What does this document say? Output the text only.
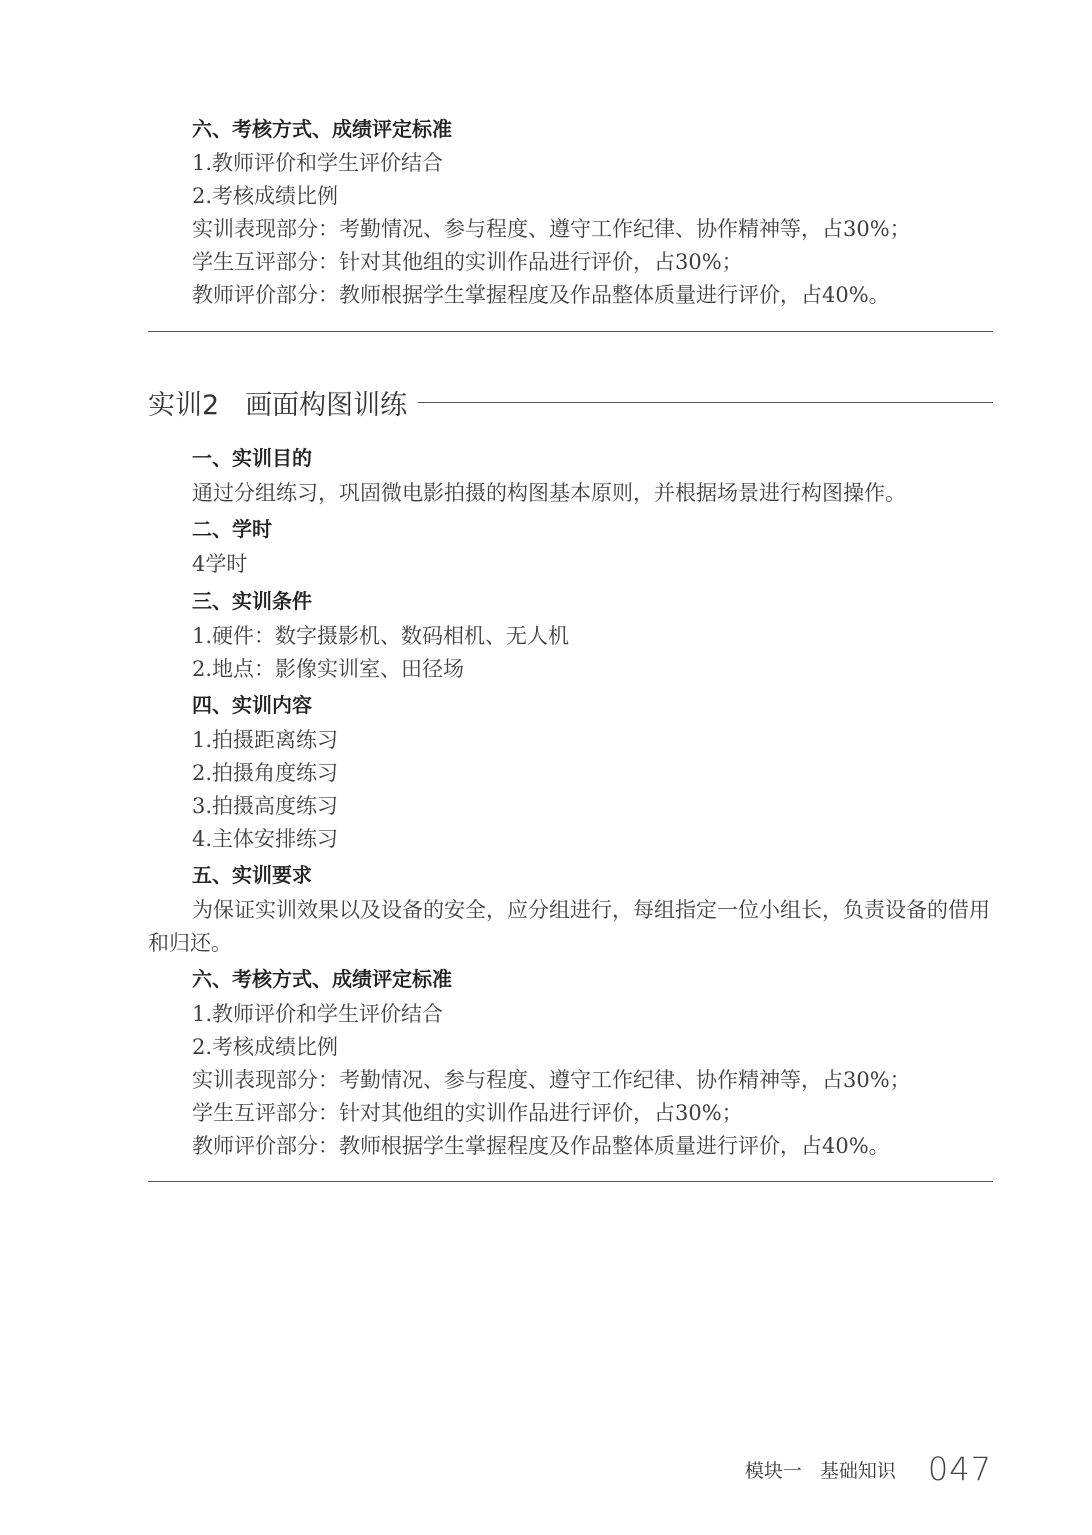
六、考核方式、成绩评定标准
1.教师评价和学生评价结合
2.考核成绩比例
实训表现部分：考勤情况、参与程度、遵守工作纪律、协作精神等，占30%；
学生互评部分：针对其他组的实训作品进行评价，占30%；
教师评价部分：教师根据学生掌握程度及作品整体质量进行评价，占40%。
实训2 画面构图训练
一、实训目的
通过分组练习，巩固微电影拍摄的构图基本原则，并根据场景进行构图操作。
二、学时
4学时
三、实训条件
1.硬件：数字摄影机、数码相机、无人机
2.地点：影像实训室、田径场
四、实训内容
1.拍摄距离练习
2.拍摄角度练习
3.拍摄高度练习
4.主体安排练习
五、实训要求
为保证实训效果以及设备的安全，应分组进行，每组指定一位小组长，负责设备的借用和归还。
六、考核方式、成绩评定标准
1.教师评价和学生评价结合
2.考核成绩比例
实训表现部分：考勤情况、参与程度、遵守工作纪律、协作精神等，占30%；
学生互评部分：针对其他组的实训作品进行评价，占30%；
教师评价部分：教师根据学生掌握程度及作品整体质量进行评价，占40%。
模块一 基础知识 047
